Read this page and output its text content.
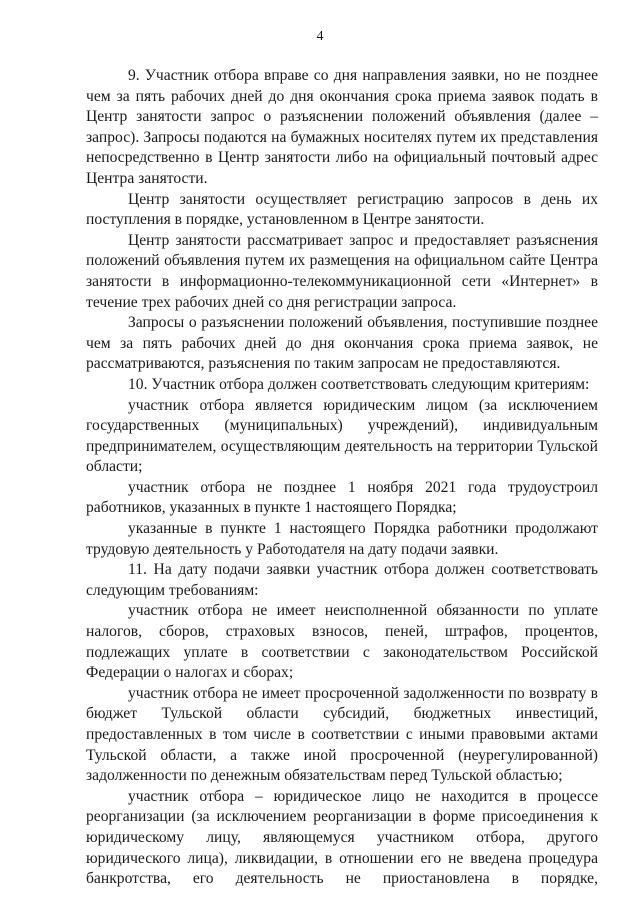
4

9. Участник отбора вправе со дня направления заявки, но не позднее
чем за пять рабочих дней до дня окончания срока приема заявок подать в
Центр занятости запрос о разъяснении положений объявления (далее –
запрос). Запросы подаются на бумажных носителях путем их представления
непосредственно в Центр занятости либо на официальный почтовый адрес
Центра занятости.

Центр занятости осуществляет регистрацию запросов в день их
поступления в порядке, установленном в Центре занятости.

Центр занятости рассматривает запрос и предоставляет разъяснения
положений объявления путем их размещения на официальном сайте Центра
занятости в информационно-телекоммуникационной сети «Интернет» в
течение трех рабочих дней со дня регистрации запроса.

Запросы о разъяснении положений объявления, поступившие позднее
чем за пять рабочих дней до дня окончания срока приема заявок, не
рассматриваются, разъяснения по таким запросам не предоставляются.

10. Участник отбора должен соответствовать следующим критериям:

участник отбора является юридическим лицом (за исключением
государственных (муниципальных) учреждений), индивидуальным
предпринимателем, осуществляющим деятельность на территории Тульской
области;

участник отбора не позднее 1 ноября 2021 года трудоустроил
работников, указанных в пункте 1 настоящего Порядка;

указанные в пункте 1 настоящего Порядка работники продолжают
трудовую деятельность у Работодателя на дату подачи заявки.

11. На дату подачи заявки участник отбора должен соответствовать
следующим требованиям:

участник отбора не имеет неисполненной обязанности по уплате
налогов, сборов, страховых взносов, пеней, штрафов, процентов,
подлежащих уплате в соответствии с законодательством Российской
Федерации о налогах и сборах;

участник отбора не имеет просроченной задолженности по возврату в
бюджет Тульской области субсидий, бюджетных инвестиций,
предоставленных в том числе в соответствии с иными правовыми актами
Тульской области, а также иной просроченной (неурегулированной)
задолженности по денежным обязательствам перед Тульской областью;

участник отбора – юридическое лицо не находится в процессе
реорганизации (за исключением реорганизации в форме присоединения к
юридическому лицу, являющемуся участником отбора, другого
юридического лица), ликвидации, в отношении его не введена процедура
банкротства, его деятельность не приостановлена в порядке,
